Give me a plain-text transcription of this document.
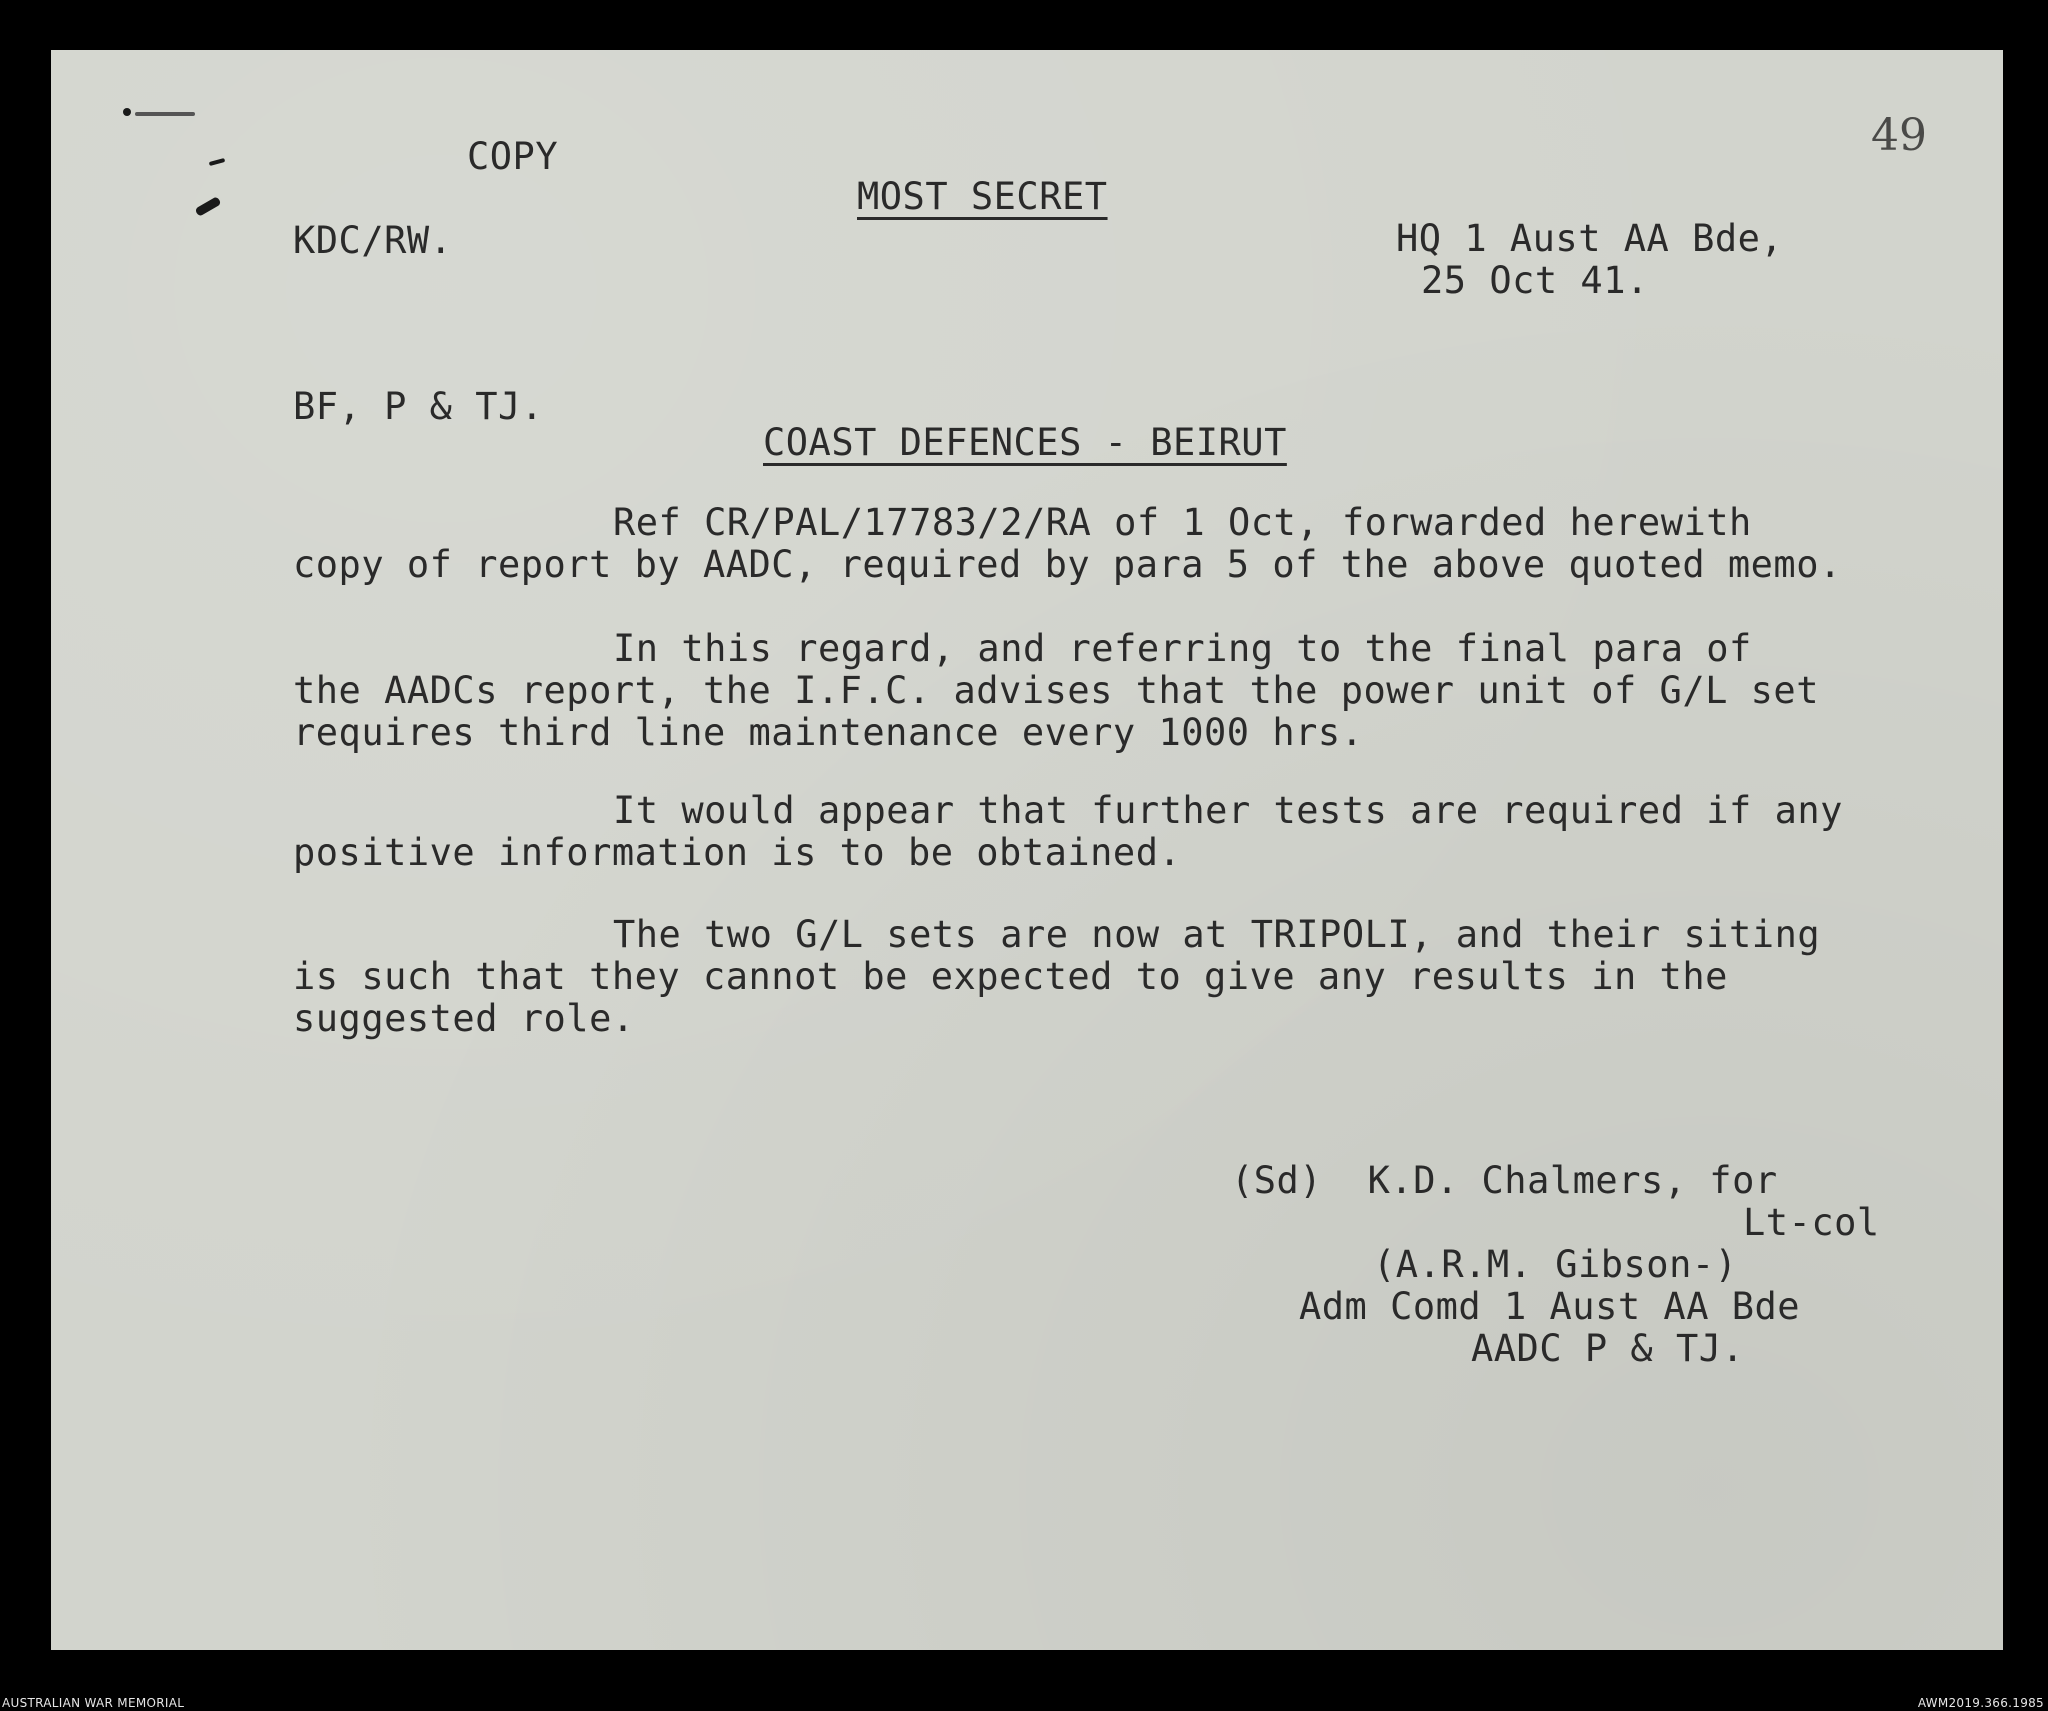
49

COPY

MOST SECRET

KDC/RW.	HQ 1 Aust AA Bde,

25 Oct 41.

BF, P & TJ.

COAST DEFENCES - BEIRUT

Ref CR/PAL/17783/2/RA of 1 Oct, forwarded herewith

copy of report by AADC, required by para 5 of the above quoted memo.

In this regard, and referring to the final para of

the AADCs report, the I.F.C. advises that the power unit of G/L set

requires third line maintenance every 1000 hrs.

It would appear that further tests are required if any

positive information is to be obtained.

The two G/L sets are now at TRIPOLI, and their siting

is such that they cannot be expected to give any results in the

suggested role.

(Sd)  K.D. Chalmers, for

Lt-col

(A.R.M. Gibson-)

Adm Comd 1 Aust AA Bde

AADC P & TJ.

AUSTRALIAN WAR MEMORIAL	AWM2019.366.1985
